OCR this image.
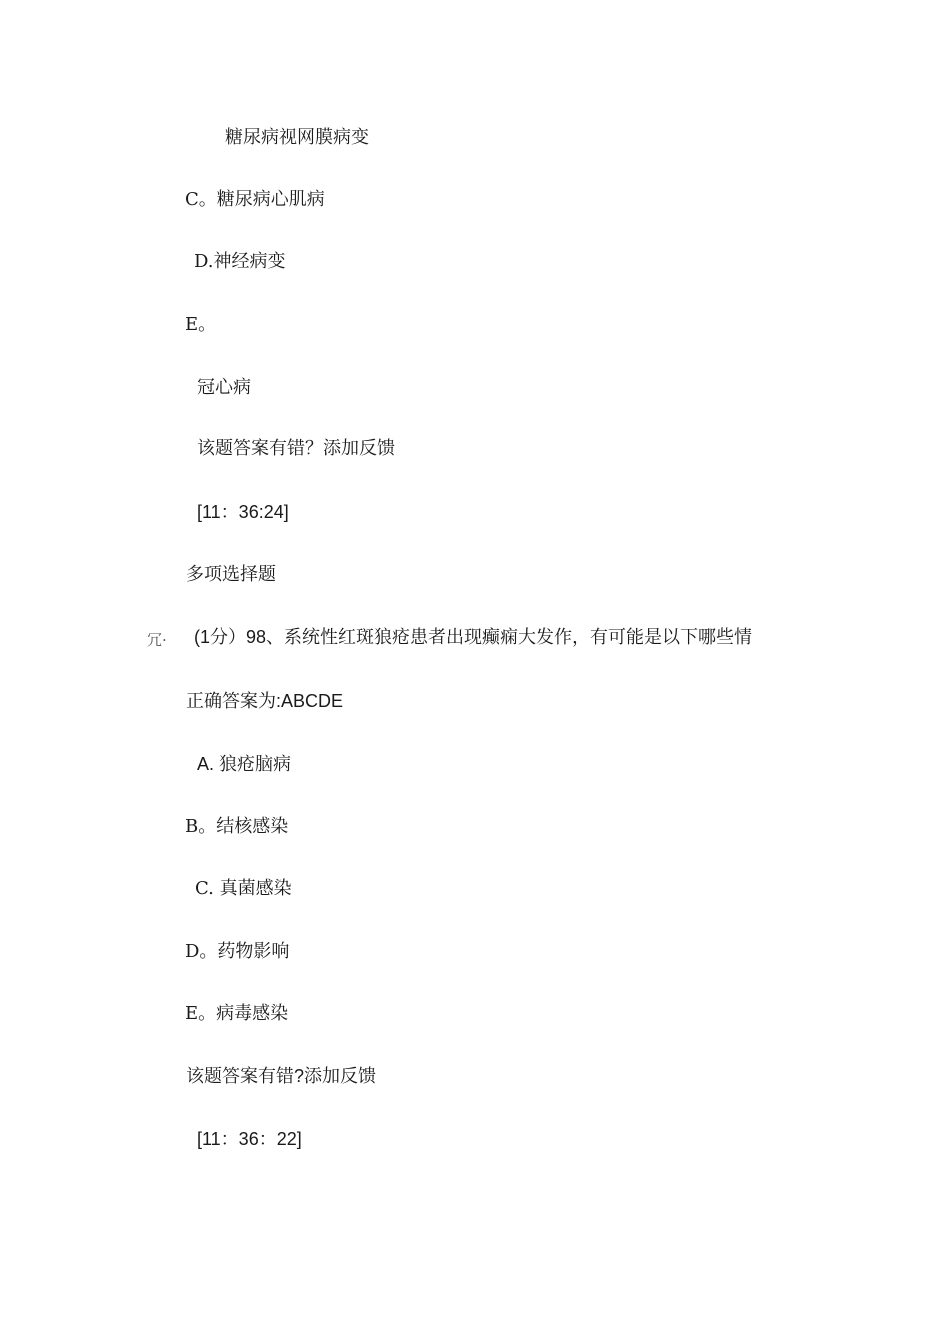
糖尿病视网膜病变
C。糖尿病心肌病
D.神经病变
E。
冠心病
该题答案有错？添加反馈
[11：36:24]
多项选择题
冗· (1分）98、系统性红斑狼疮患者出现癫痫大发作，有可能是以下哪些情
正确答案为:ABCDE
A. 狼疮脑病
B。结核感染
C. 真菌感染
D。药物影响
E。病毒感染
该题答案有错?添加反馈
[11：36：22]
